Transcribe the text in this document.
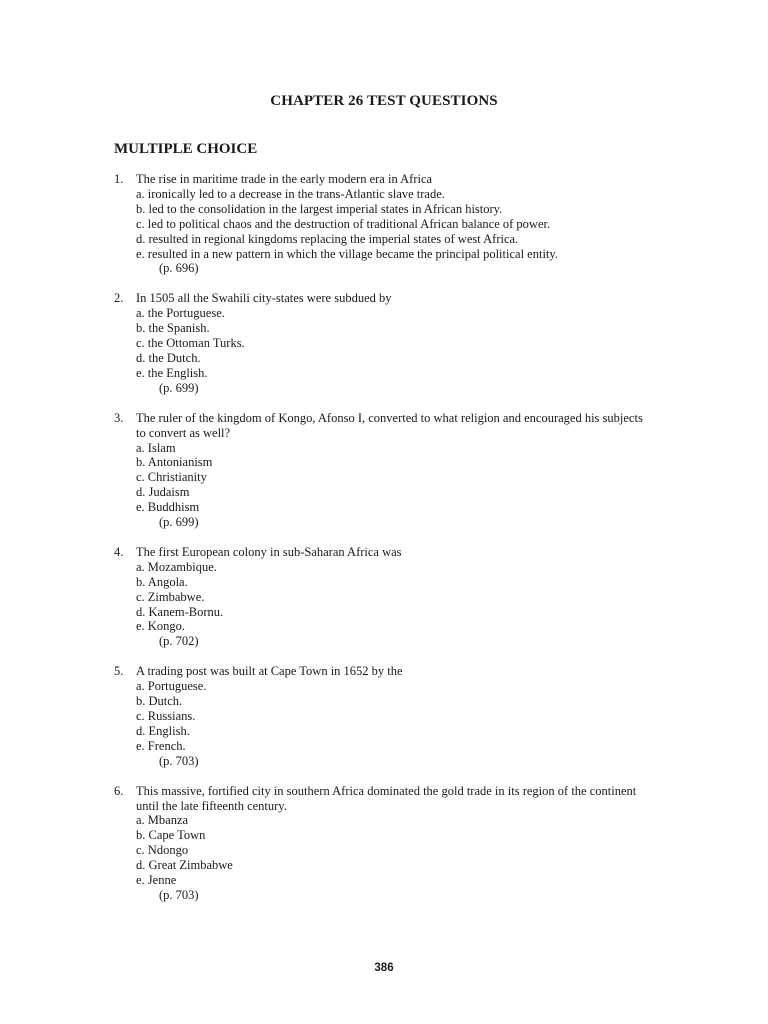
CHAPTER 26 TEST QUESTIONS
MULTIPLE CHOICE
1. The rise in maritime trade in the early modern era in Africa
a. ironically led to a decrease in the trans-Atlantic slave trade.
b. led to the consolidation in the largest imperial states in African history.
c. led to political chaos and the destruction of traditional African balance of power.
d. resulted in regional kingdoms replacing the imperial states of west Africa.
e. resulted in a new pattern in which the village became the principal political entity.
(p. 696)
2. In 1505 all the Swahili city-states were subdued by
a. the Portuguese.
b. the Spanish.
c. the Ottoman Turks.
d. the Dutch.
e. the English.
(p. 699)
3. The ruler of the kingdom of Kongo, Afonso I, converted to what religion and encouraged his subjects
to convert as well?
a. Islam
b. Antonianism
c. Christianity
d. Judaism
e. Buddhism
(p. 699)
4. The first European colony in sub-Saharan Africa was
a. Mozambique.
b. Angola.
c. Zimbabwe.
d. Kanem-Bornu.
e. Kongo.
(p. 702)
5. A trading post was built at Cape Town in 1652 by the
a. Portuguese.
b. Dutch.
c. Russians.
d. English.
e. French.
(p. 703)
6. This massive, fortified city in southern Africa dominated the gold trade in its region of the continent
until the late fifteenth century.
a. Mbanza
b. Cape Town
c. Ndongo
d. Great Zimbabwe
e. Jenne
(p. 703)
386
